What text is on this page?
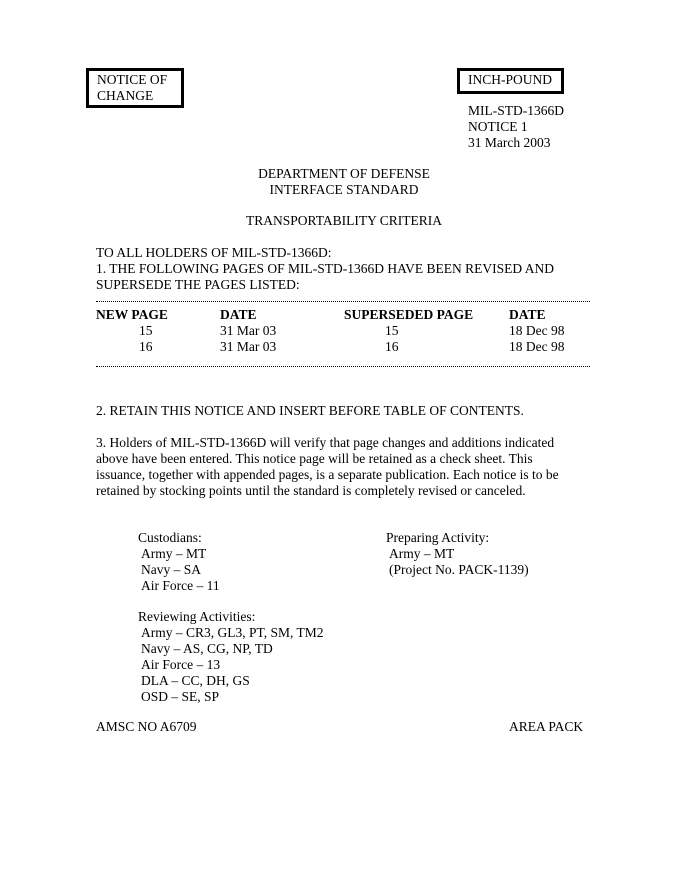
NOTICE OF
CHANGE
INCH-POUND
MIL-STD-1366D
NOTICE 1
31 March 2003
DEPARTMENT OF DEFENSE
INTERFACE STANDARD
TRANSPORTABILITY CRITERIA
TO ALL HOLDERS OF MIL-STD-1366D:
1. THE FOLLOWING PAGES OF MIL-STD-1366D HAVE BEEN REVISED AND
SUPERSEDE THE PAGES LISTED:
NEW PAGE	DATE	SUPERSEDED PAGE	DATE
15	31 Mar 03	15	18 Dec 98
16	31 Mar 03	16	18 Dec 98
2. RETAIN THIS NOTICE AND INSERT BEFORE TABLE OF CONTENTS.
3. Holders of MIL-STD-1366D will verify that page changes and additions indicated
above have been entered. This notice page will be retained as a check sheet. This
issuance, together with appended pages, is a separate publication. Each notice is to be
retained by stocking points until the standard is completely revised or canceled.
Custodians:
Army – MT
Navy – SA
Air Force – 11
Preparing Activity:
Army – MT
(Project No. PACK-1139)
Reviewing Activities:
Army – CR3, GL3, PT, SM, TM2
Navy – AS, CG, NP, TD
Air Force – 13
DLA – CC, DH, GS
OSD – SE, SP
AMSC NO A6709	AREA PACK
